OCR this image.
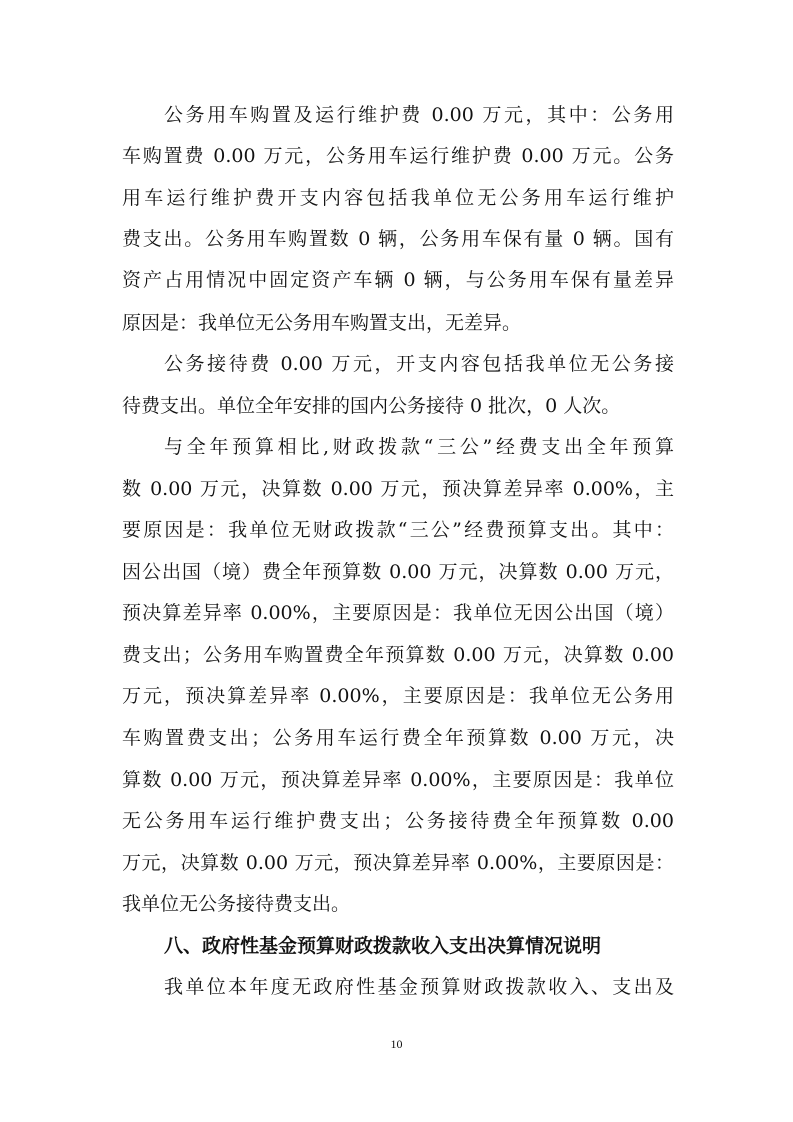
公务用车购置及运行维护费 0.00 万元，其中：公务用
车购置费 0.00 万元，公务用车运行维护费 0.00 万元。公务
用车运行维护费开支内容包括我单位无公务用车运行维护
费支出。公务用车购置数 0 辆，公务用车保有量 0 辆。国有
资产占用情况中固定资产车辆 0 辆，与公务用车保有量差异
原因是：我单位无公务用车购置支出，无差异。
公务接待费 0.00 万元，开支内容包括我单位无公务接
待费支出。单位全年安排的国内公务接待 0 批次，0 人次。
与全年预算相比,财政拨款“三公”经费支出全年预算
数 0.00 万元，决算数 0.00 万元，预决算差异率 0.00%，主
要原因是：我单位无财政拨款“三公”经费预算支出。其中：
因公出国（境）费全年预算数 0.00 万元，决算数 0.00 万元，
预决算差异率 0.00%，主要原因是：我单位无因公出国（境）
费支出；公务用车购置费全年预算数 0.00 万元，决算数 0.00
万元，预决算差异率 0.00%，主要原因是：我单位无公务用
车购置费支出；公务用车运行费全年预算数 0.00 万元，决
算数 0.00 万元，预决算差异率 0.00%，主要原因是：我单位
无公务用车运行维护费支出；公务接待费全年预算数 0.00
万元，决算数 0.00 万元，预决算差异率 0.00%，主要原因是：
我单位无公务接待费支出。
八、政府性基金预算财政拨款收入支出决算情况说明
我单位本年度无政府性基金预算财政拨款收入、支出及
10
